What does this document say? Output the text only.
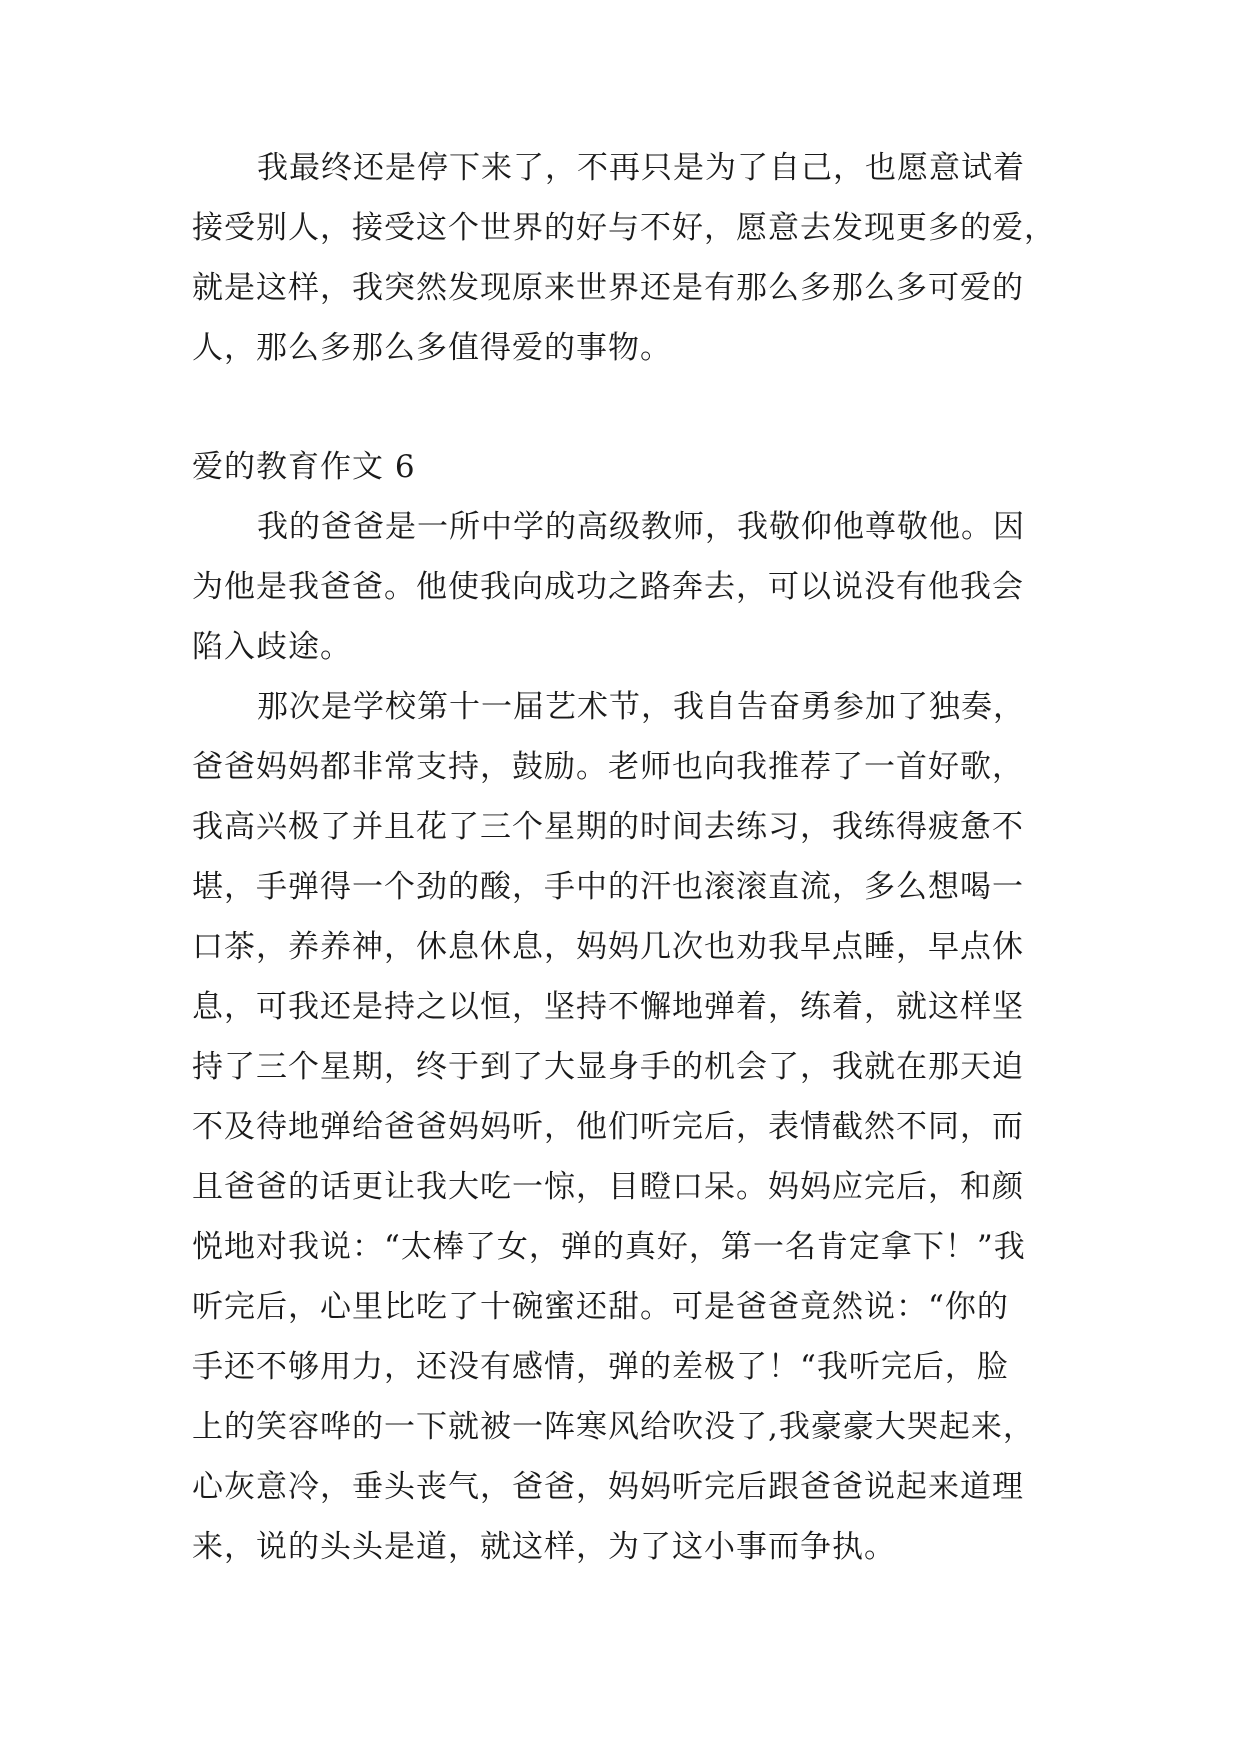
我最终还是停下来了，不再只是为了自己，也愿意试着
接受别人，接受这个世界的好与不好，愿意去发现更多的爱，
就是这样，我突然发现原来世界还是有那么多那么多可爱的
人，那么多那么多值得爱的事物。
爱的教育作文 6
我的爸爸是一所中学的高级教师，我敬仰他尊敬他。因
为他是我爸爸。他使我向成功之路奔去，可以说没有他我会
陷入歧途。
那次是学校第十一届艺术节，我自告奋勇参加了独奏，
爸爸妈妈都非常支持，鼓励。老师也向我推荐了一首好歌，
我高兴极了并且花了三个星期的时间去练习，我练得疲惫不
堪，手弹得一个劲的酸，手中的汗也滚滚直流，多么想喝一
口茶，养养神，休息休息，妈妈几次也劝我早点睡，早点休
息，可我还是持之以恒，坚持不懈地弹着，练着，就这样坚
持了三个星期，终于到了大显身手的机会了，我就在那天迫
不及待地弹给爸爸妈妈听，他们听完后，表情截然不同，而
且爸爸的话更让我大吃一惊，目瞪口呆。妈妈应完后，和颜
悦地对我说：“太棒了女，弹的真好，第一名肯定拿下！”我
听完后，心里比吃了十碗蜜还甜。可是爸爸竟然说：“你的
手还不够用力，还没有感情，弹的差极了！“我听完后，脸
上的笑容哗的一下就被一阵寒风给吹没了,我豪豪大哭起来，
心灰意冷，垂头丧气，爸爸，妈妈听完后跟爸爸说起来道理
来，说的头头是道，就这样，为了这小事而争执。
